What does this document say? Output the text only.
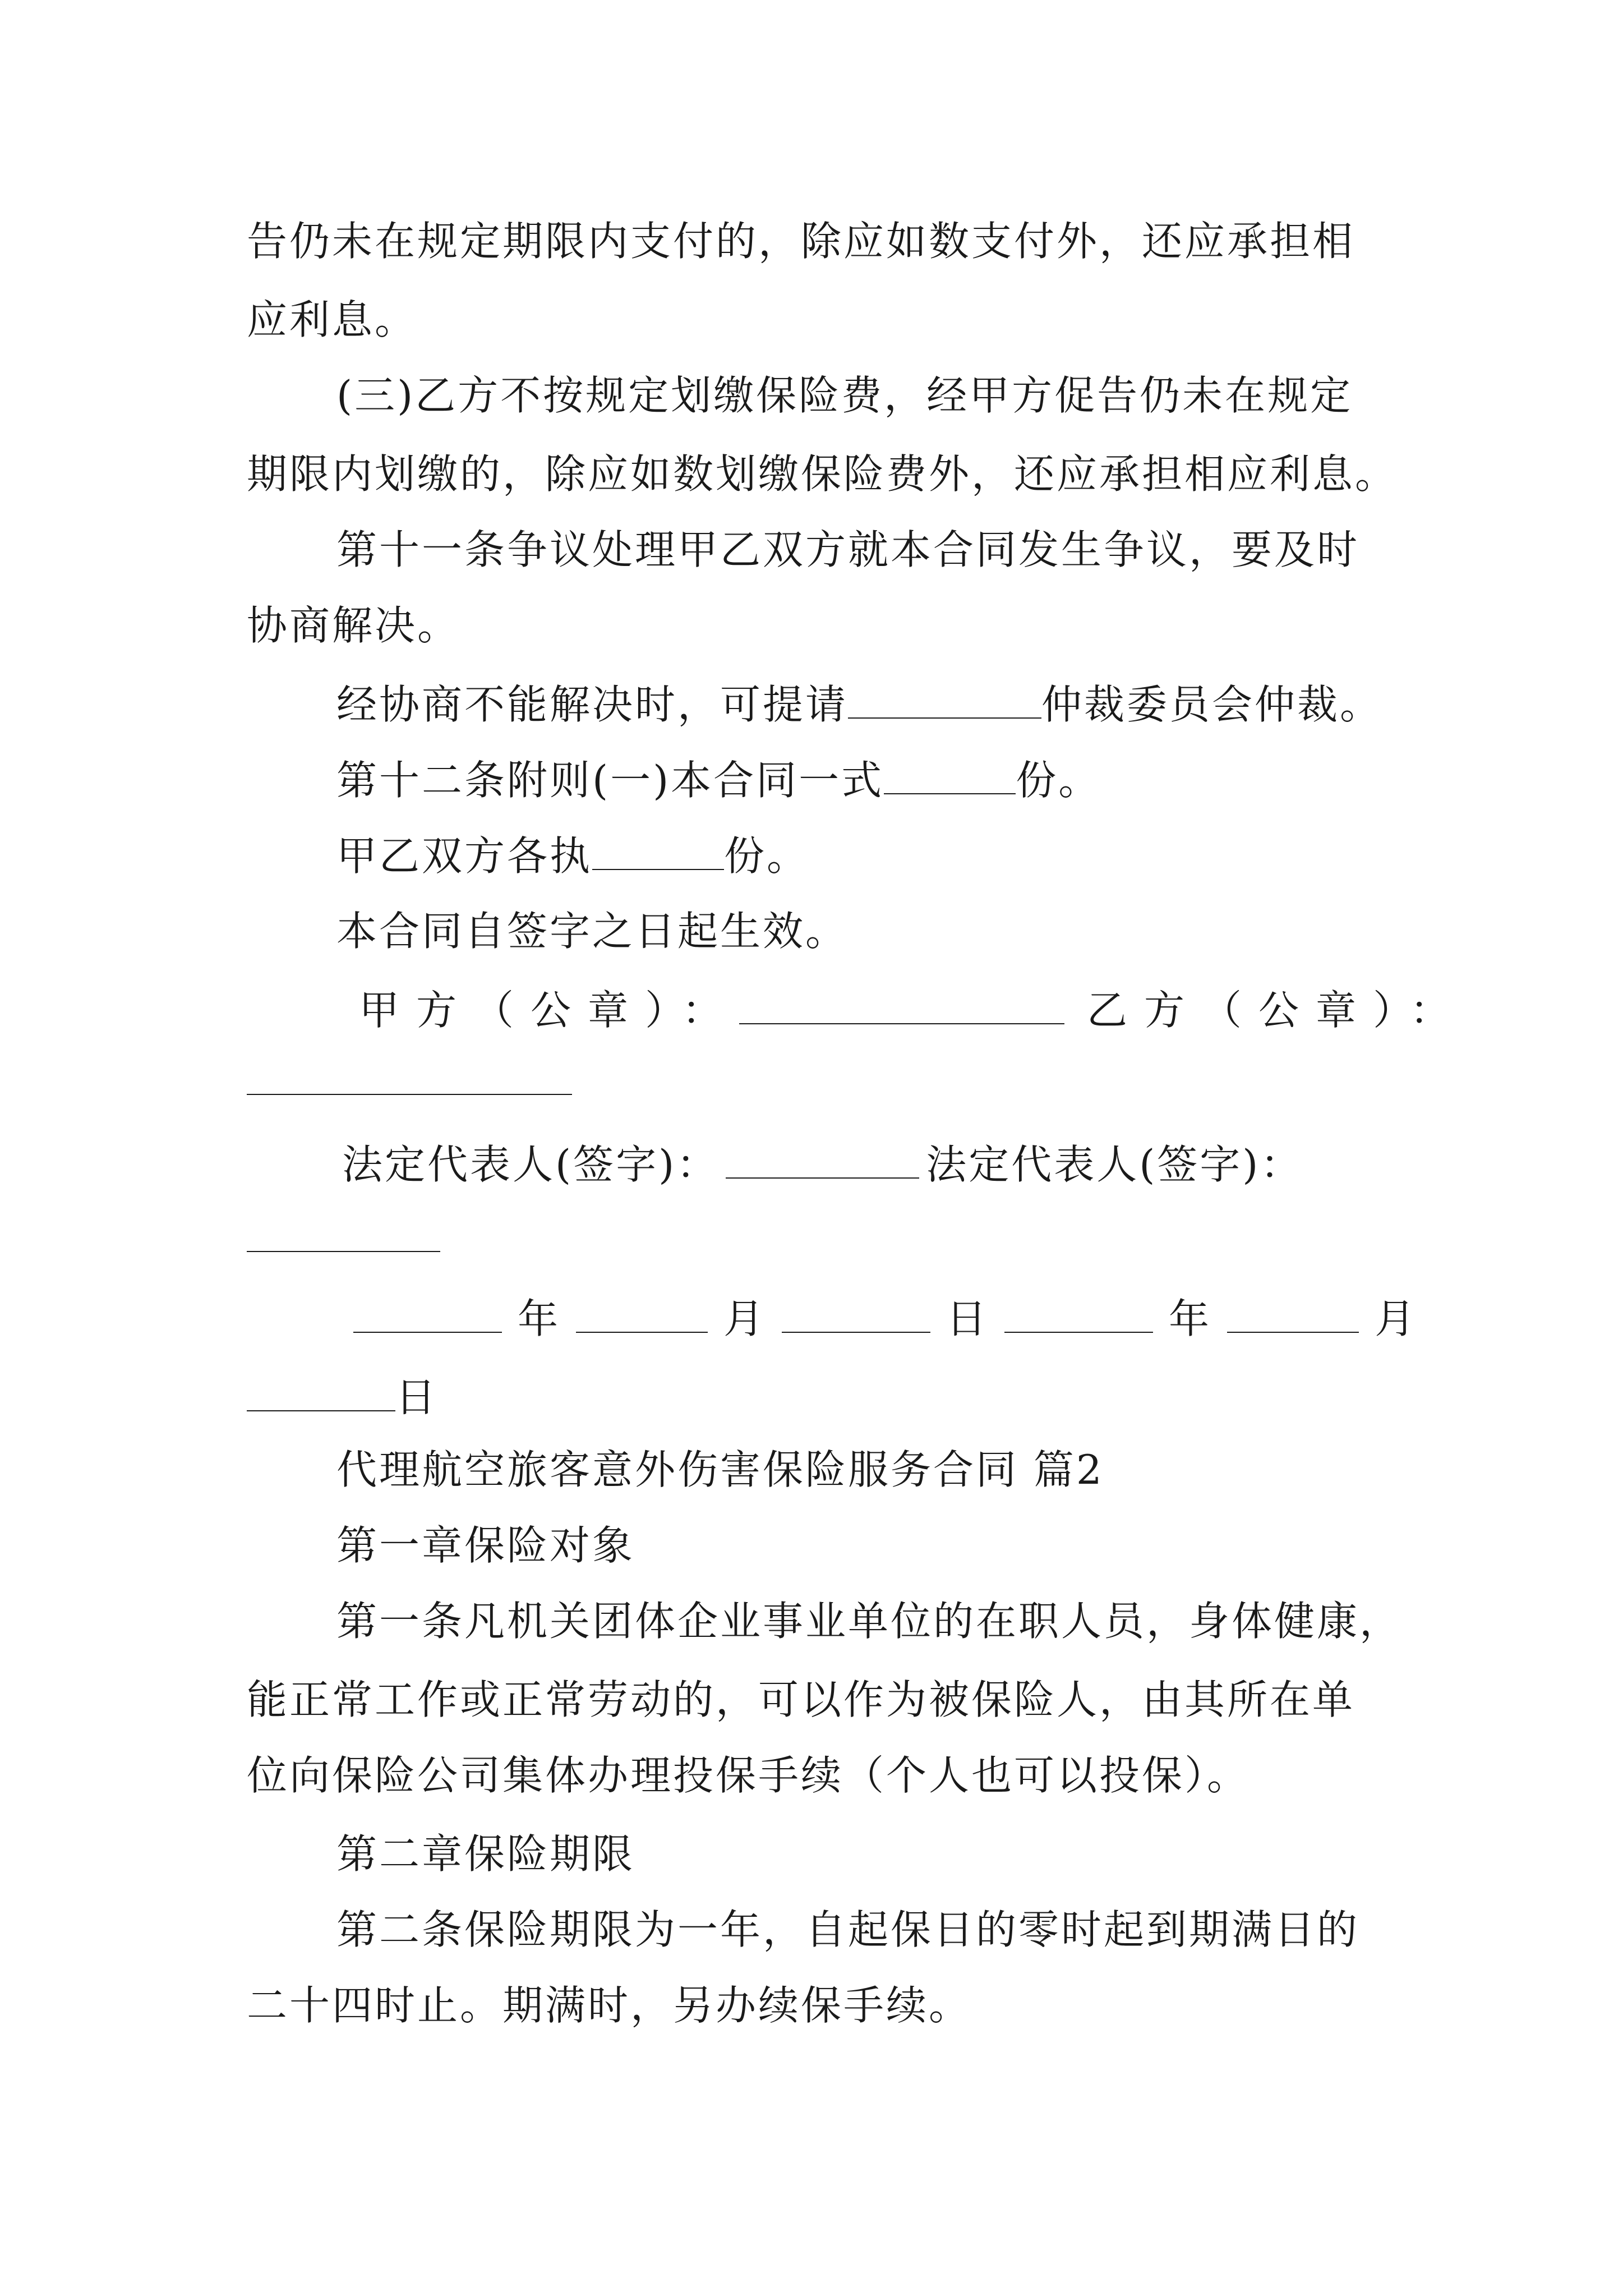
告仍未在规定期限内支付的，除应如数支付外，还应承担相
应利息。
(三)乙方不按规定划缴保险费，经甲方促告仍未在规定
期限内划缴的，除应如数划缴保险费外，还应承担相应利息。
第十一条争议处理甲乙双方就本合同发生争议，要及时
协商解决。
经协商不能解决时，可提请	仲裁委员会仲裁。
第十二条附则(一)本合同一式	份。
甲乙双方各执	份。
本合同自签字之日起生效。
甲方（公章）：	乙方（公章）：
法定代表人(签字)：	法定代表人(签字)：
年	月	日	年	月
日
代理航空旅客意外伤害保险服务合同 篇2
第一章保险对象
第一条凡机关团体企业事业单位的在职人员，身体健康，
能正常工作或正常劳动的，可以作为被保险人，由其所在单
位向保险公司集体办理投保手续（个人也可以投保）。
第二章保险期限
第二条保险期限为一年，自起保日的零时起到期满日的
二十四时止。期满时，另办续保手续。
